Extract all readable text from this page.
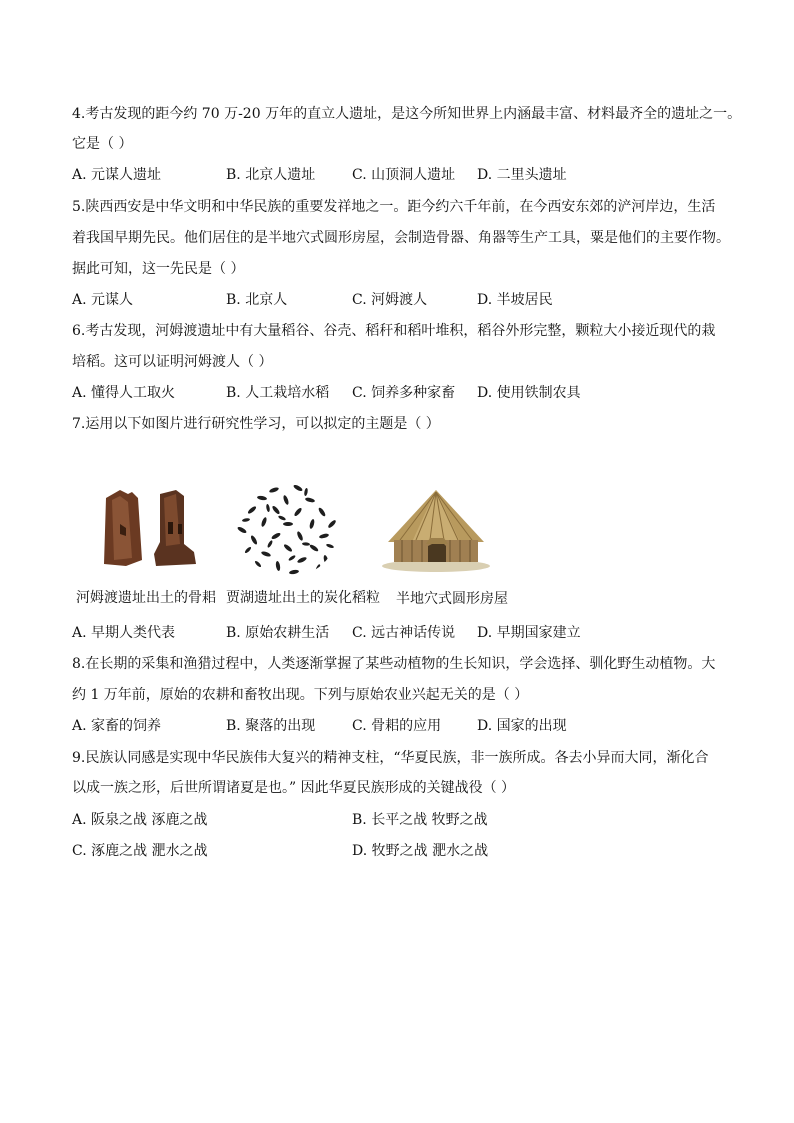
4.考古发现的距今约 70 万-20 万年的直立人遗址，是这今所知世界上内涵最丰富、材料最齐全的遗址之一。
它是（ ）
A. 元谋人遗址	B. 北京人遗址	C. 山顶洞人遗址 D. 二里头遗址
5.陕西西安是中华文明和中华民族的重要发祥地之一。距今约六千年前，在今西安东郊的浐河岸边，生活
着我国早期先民。他们居住的是半地穴式圆形房屋，会制造骨器、角器等生产工具，粟是他们的主要作物。
据此可知，这一先民是（ ）
A. 元谋人	B. 北京人	C. 河姆渡人	D. 半坡居民
6.考古发现，河姆渡遗址中有大量稻谷、谷壳、稻秆和稻叶堆积，稻谷外形完整，颗粒大小接近现代的栽
培稻。这可以证明河姆渡人（ ）
A. 懂得人工取火	B. 人工栽培水稻 C. 饲养多种家畜 D. 使用铁制农具
7.运用以下如图片进行研究性学习，可以拟定的主题是（ ）
河姆渡遗址出土的骨耜 贾湖遗址出土的炭化稻粒 半地穴式圆形房屋
A. 早期人类代表	B. 原始农耕生活 C. 远古神话传说 D. 早期国家建立
8.在长期的采集和渔猎过程中，人类逐渐掌握了某些动植物的生长知识，学会选择、驯化野生动植物。大
约 1 万年前，原始的农耕和畜牧出现。下列与原始农业兴起无关的是（ ）
A. 家畜的饲养	B. 聚落的出现	C. 骨耜的应用	D. 国家的出现
9.民族认同感是实现中华民族伟大复兴的精神支柱，“华夏民族，非一族所成。各去小异而大同，渐化合
以成一族之形，后世所谓诸夏是也。” 因此华夏民族形成的关键战役（ ）
A. 阪泉之战 涿鹿之战	B. 长平之战 牧野之战
C. 涿鹿之战 淝水之战	D. 牧野之战 淝水之战
